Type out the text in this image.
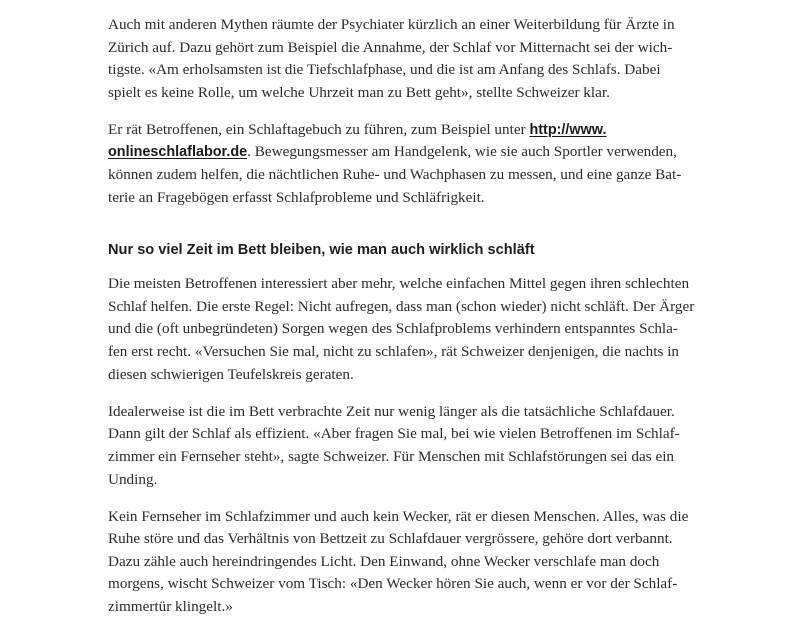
Auch mit anderen Mythen räumte der Psychiater kürzlich an einer Weiterbildung für Ärzte in
Zürich auf. Dazu gehört zum Beispiel die Annahme, der Schlaf vor Mitternacht sei der wich-
tigste. «Am erholsamsten ist die Tiefschlafphase, und die ist am Anfang des Schlafs. Dabei
spielt es keine Rolle, um welche Uhrzeit man zu Bett geht», stellte Schweizer klar.

Er rät Betroffenen, ein Schlaftagebuch zu führen, zum Beispiel unter http://www.
onlineschlaflabor.de. Bewegungsmesser am Handgelenk, wie sie auch Sportler verwenden,
können zudem helfen, die nächtlichen Ruhe- und Wachphasen zu messen, und eine ganze Bat-
terie an Fragebögen erfasst Schlafprobleme und Schläfrigkeit.

Nur so viel Zeit im Bett bleiben, wie man auch wirklich schläft

Die meisten Betroffenen interessiert aber mehr, welche einfachen Mittel gegen ihren schlechten
Schlaf helfen. Die erste Regel: Nicht aufregen, dass man (schon wieder) nicht schläft. Der Ärger
und die (oft unbegründeten) Sorgen wegen des Schlafproblems verhindern entspanntes Schla-
fen erst recht. «Versuchen Sie mal, nicht zu schlafen», rät Schweizer denjenigen, die nachts in
diesen schwierigen Teufelskreis geraten.

Idealerweise ist die im Bett verbrachte Zeit nur wenig länger als die tatsächliche Schlafdauer.
Dann gilt der Schlaf als effizient. «Aber fragen Sie mal, bei wie vielen Betroffenen im Schlaf-
zimmer ein Fernseher steht», sagte Schweizer. Für Menschen mit Schlafstörungen sei das ein
Unding.

Kein Fernseher im Schlafzimmer und auch kein Wecker, rät er diesen Menschen. Alles, was die
Ruhe störe und das Verhältnis von Bettzeit zu Schlafdauer vergrössere, gehöre dort verbannt.
Dazu zähle auch hereindringendes Licht. Den Einwand, ohne Wecker verschlafe man doch
morgens, wischt Schweizer vom Tisch: «Den Wecker hören Sie auch, wenn er vor der Schlaf-
zimmertür klingelt.»
